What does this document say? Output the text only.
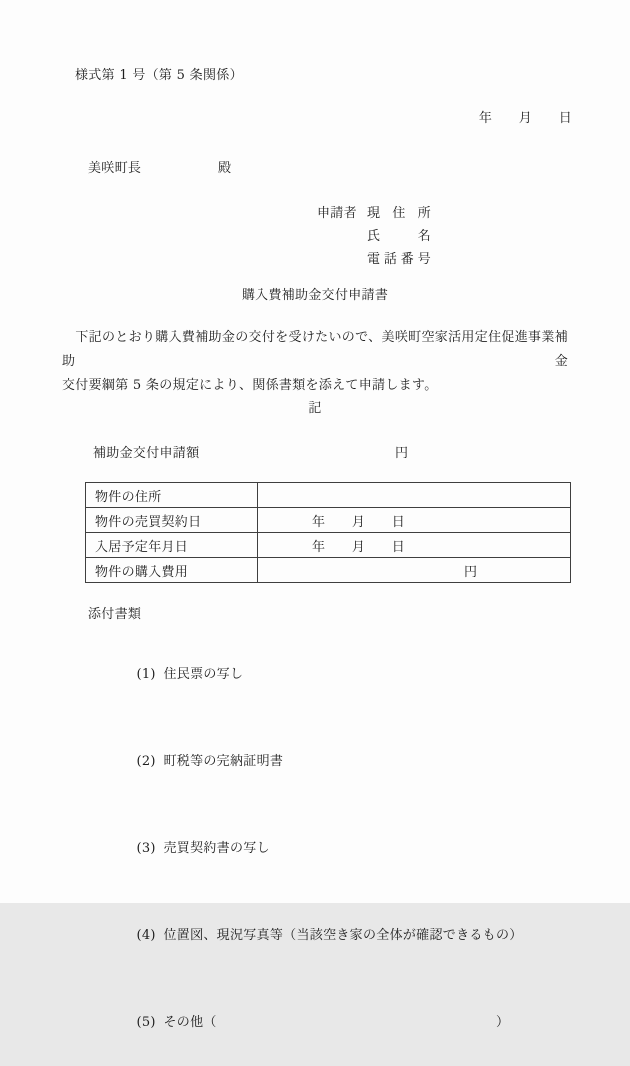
様式第 1 号（第 5 条関係）
年　　月　　日
美咲町長	殿
申請者 現住所
氏名
電話番号
購入費補助金交付申請書
　下記のとおり購入費補助金の交付を受けたいので、美咲町空家活用定住促進事業補助金
交付要綱第 5 条の規定により、関係書類を添えて申請します。
記
補助金交付申請額	円
物件の住所	
物件の売買契約日	年　　月　　日
入居予定年月日	年　　月　　日
物件の購入費用	円
添付書類

(1) 住民票の写し

(2) 町税等の完納証明書

(3) 売買契約書の写し

(4) 位置図、現況写真等（当該空き家の全体が確認できるもの）

(5) その他（　　　　　　　　　　　　　　　　　　　　　）
